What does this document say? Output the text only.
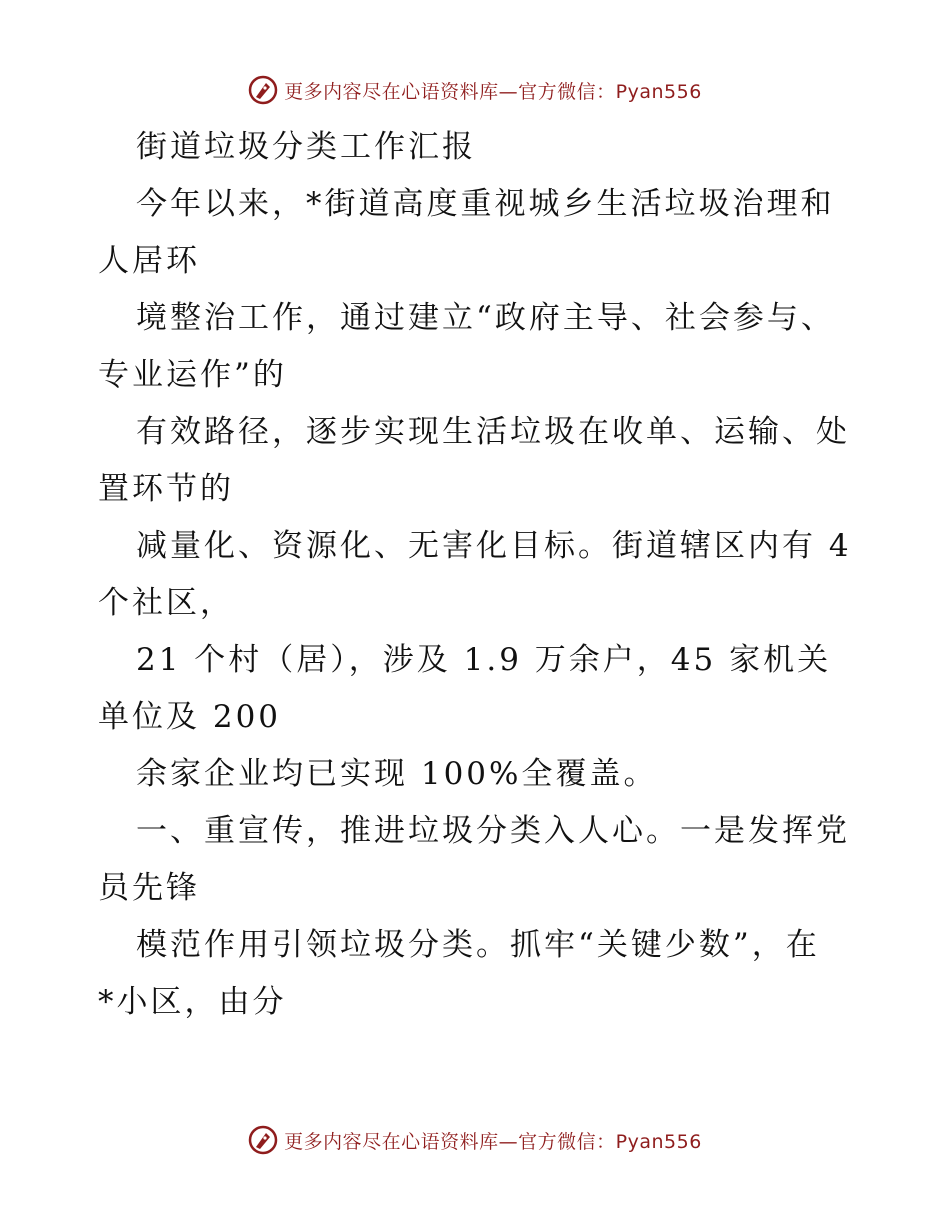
更多内容尽在心语资料库—官方微信：Pyan556
街道垃圾分类工作汇报
今年以来，*街道高度重视城乡生活垃圾治理和
人居环
境整治工作，通过建立“政府主导、社会参与、
专业运作”的
有效路径，逐步实现生活垃圾在收单、运输、处
置环节的
减量化、资源化、无害化目标。街道辖区内有 4
个社区，
21 个村（居），涉及 1.9 万余户，45 家机关
单位及 200
余家企业均已实现 100%全覆盖。
一、重宣传，推进垃圾分类入人心。一是发挥党
员先锋
模范作用引领垃圾分类。抓牢“关键少数”，在
*小区，由分
更多内容尽在心语资料库—官方微信：Pyan556
